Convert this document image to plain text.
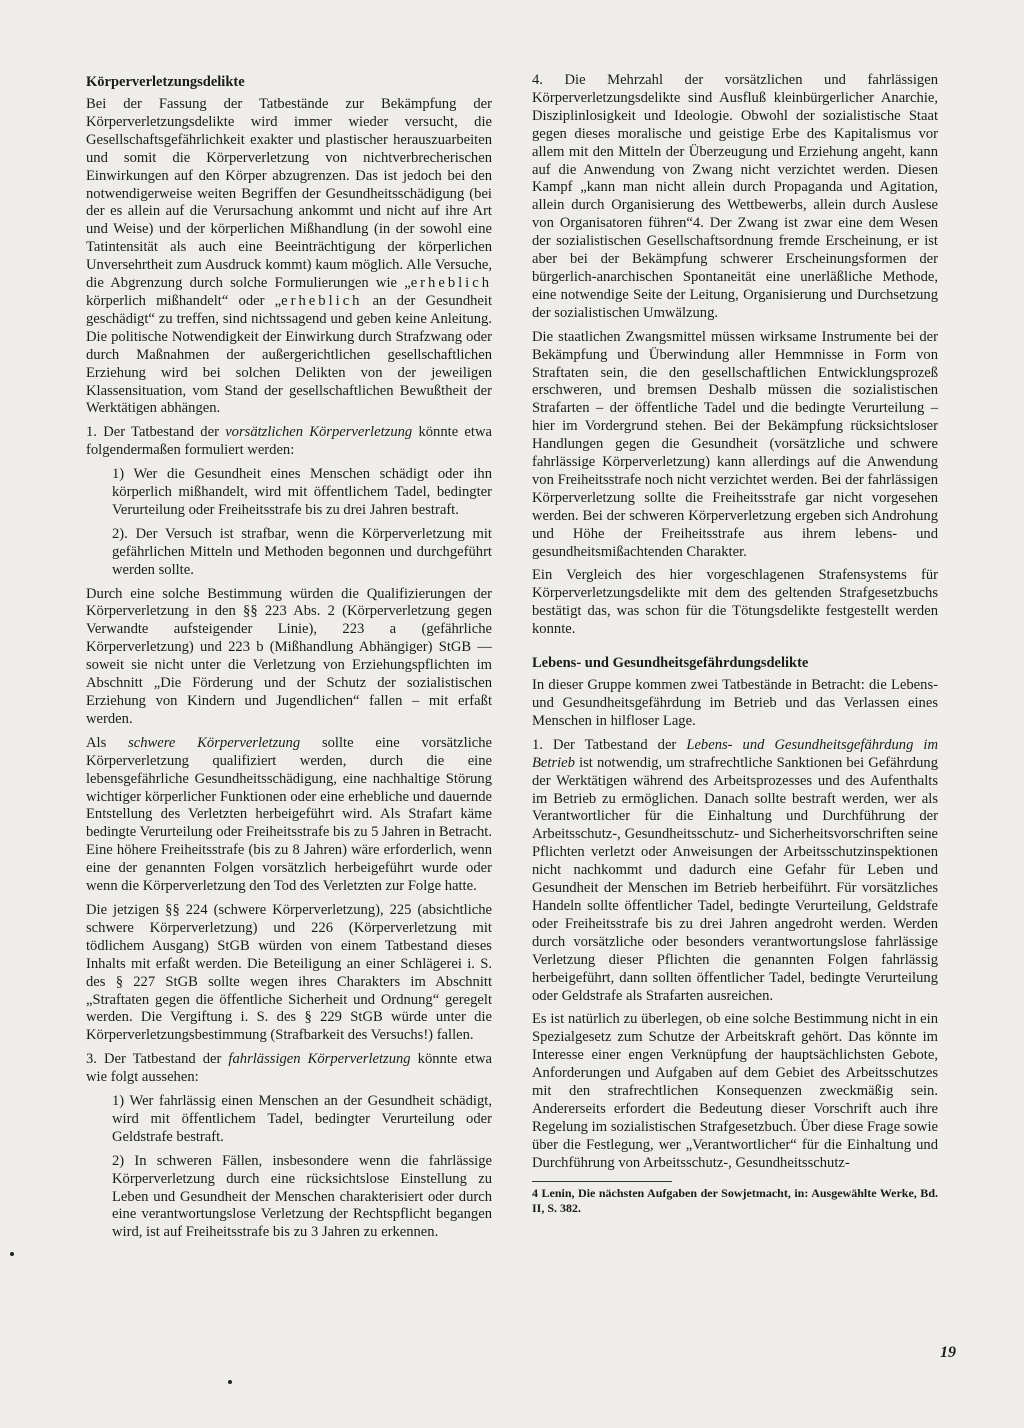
Körperverletzungsdelikte

Bei der Fassung der Tatbestände zur Bekämpfung der Körperverletzungsdelikte wird immer wieder versucht, die Gesellschaftsgefährlichkeit exakter und plastischer herauszuarbeiten und somit die Körperverletzung von nichtverbrecherischen Einwirkungen auf den Körper abzugrenzen. Das ist jedoch bei den notwendigerweise weiten Begriffen der Gesundheitsschädigung (bei der es allein auf die Verursachung ankommt und nicht auf ihre Art und Weise) und der körperlichen Mißhandlung (in der sowohl eine Tatintensität als auch eine Beeinträchtigung der körperlichen Unversehrtheit zum Ausdruck kommt) kaum möglich. Alle Versuche, die Abgrenzung durch solche Formulierungen wie „erheblich körperlich mißhandelt“ oder „erheblich an der Gesundheit geschädigt“ zu treffen, sind nichtssagend und geben keine Anleitung. Die politische Notwendigkeit der Einwirkung durch Strafzwang oder durch Maßnahmen der außergerichtlichen gesellschaftlichen Erziehung wird bei solchen Delikten von der jeweiligen Klassensituation, vom Stand der gesellschaftlichen Bewußtheit der Werktätigen abhängen.

1. Der Tatbestand der vorsätzlichen Körperverletzung könnte etwa folgendermaßen formuliert werden:

1) Wer die Gesundheit eines Menschen schädigt oder ihn körperlich mißhandelt, wird mit öffentlichem Tadel, bedingter Verurteilung oder Freiheitsstrafe bis zu drei Jahren bestraft.

2). Der Versuch ist strafbar, wenn die Körperverletzung mit gefährlichen Mitteln und Methoden begonnen und durchgeführt werden sollte.

Durch eine solche Bestimmung würden die Qualifizierungen der Körperverletzung in den §§ 223 Abs. 2 (Körperverletzung gegen Verwandte aufsteigender Linie), 223 a (gefährliche Körperverletzung) und 223 b (Mißhandlung Abhängiger) StGB — soweit sie nicht unter die Verletzung von Erziehungspflichten im Abschnitt „Die Förderung und der Schutz der sozialistischen Erziehung von Kindern und Jugendlichen“ fallen – mit erfaßt werden.

Als schwere Körperverletzung sollte eine vorsätzliche Körperverletzung qualifiziert werden, durch die eine lebensgefährliche Gesundheitsschädigung, eine nachhaltige Störung wichtiger körperlicher Funktionen oder eine erhebliche und dauernde Entstellung des Verletzten herbeigeführt wird. Als Strafart käme bedingte Verurteilung oder Freiheitsstrafe bis zu 5 Jahren in Betracht. Eine höhere Freiheitsstrafe (bis zu 8 Jahren) wäre erforderlich, wenn eine der genannten Folgen vorsätzlich herbeigeführt wurde oder wenn die Körperverletzung den Tod des Verletzten zur Folge hatte.

Die jetzigen §§ 224 (schwere Körperverletzung), 225 (absichtliche schwere Körperverletzung) und 226 (Körperverletzung mit tödlichem Ausgang) StGB würden von einem Tatbestand dieses Inhalts mit erfaßt werden. Die Beteiligung an einer Schlägerei i. S. des § 227 StGB sollte wegen ihres Charakters im Abschnitt „Straftaten gegen die öffentliche Sicherheit und Ordnung“ geregelt werden. Die Vergiftung i. S. des § 229 StGB würde unter die Körperverletzungsbestimmung (Strafbarkeit des Versuchs!) fallen.

3. Der Tatbestand der fahrlässigen Körperverletzung könnte etwa wie folgt aussehen:

1) Wer fahrlässig einen Menschen an der Gesundheit schädigt, wird mit öffentlichem Tadel, bedingter Verurteilung oder Geldstrafe bestraft.

2) In schweren Fällen, insbesondere wenn die fahrlässige Körperverletzung durch eine rücksichtslose Einstellung zu Leben und Gesundheit der Menschen charakterisiert oder durch eine verantwortungslose Verletzung der Rechtspflicht begangen wird, ist auf Freiheitsstrafe bis zu 3 Jahren zu erkennen.

4. Die Mehrzahl der vorsätzlichen und fahrlässigen Körperverletzungsdelikte sind Ausfluß kleinbürgerlicher Anarchie, Disziplinlosigkeit und Ideologie. Obwohl der sozialistische Staat gegen dieses moralische und geistige Erbe des Kapitalismus vor allem mit den Mitteln der Überzeugung und Erziehung angeht, kann auf die Anwendung von Zwang nicht verzichtet werden. Diesen Kampf „kann man nicht allein durch Propaganda und Agitation, allein durch Organisierung des Wettbewerbs, allein durch Auslese von Organisatoren führen“4. Der Zwang ist zwar eine dem Wesen der sozialistischen Gesellschaftsordnung fremde Erscheinung, er ist aber bei der Bekämpfung schwerer Erscheinungsformen der bürgerlich-anarchischen Spontaneität eine unerläßliche Methode, eine notwendige Seite der Leitung, Organisierung und Durchsetzung der sozialistischen Umwälzung.

Die staatlichen Zwangsmittel müssen wirksame Instrumente bei der Bekämpfung und Überwindung aller Hemmnisse in Form von Straftaten sein, die den gesellschaftlichen Entwicklungsprozeß erschweren, und bremsen Deshalb müssen die sozialistischen Strafarten – der öffentliche Tadel und die bedingte Verurteilung – hier im Vordergrund stehen. Bei der Bekämpfung rücksichtsloser Handlungen gegen die Gesundheit (vorsätzliche und schwere fahrlässige Körperverletzung) kann allerdings auf die Anwendung von Freiheitsstrafe noch nicht verzichtet werden. Bei der fahrlässigen Körperverletzung sollte die Freiheitsstrafe gar nicht vorgesehen werden. Bei der schweren Körperverletzung ergeben sich Androhung und Höhe der Freiheitsstrafe aus ihrem lebens- und gesundheitsmißachtenden Charakter.

Ein Vergleich des hier vorgeschlagenen Strafensystems für Körperverletzungsdelikte mit dem des geltenden Strafgesetzbuchs bestätigt das, was schon für die Tötungsdelikte festgestellt werden konnte.

Lebens- und Gesundheitsgefährdungsdelikte

In dieser Gruppe kommen zwei Tatbestände in Betracht: die Lebens- und Gesundheitsgefährdung im Betrieb und das Verlassen eines Menschen in hilfloser Lage.

1. Der Tatbestand der Lebens- und Gesundheitsgefährdung im Betrieb ist notwendig, um strafrechtliche Sanktionen bei Gefährdung der Werktätigen während des Arbeitsprozesses und des Aufenthalts im Betrieb zu ermöglichen. Danach sollte bestraft werden, wer als Verantwortlicher für die Einhaltung und Durchführung der Arbeitsschutz-, Gesundheitsschutz- und Sicherheitsvorschriften seine Pflichten verletzt oder Anweisungen der Arbeitsschutzinspektionen nicht nachkommt und dadurch eine Gefahr für Leben und Gesundheit der Menschen im Betrieb herbeiführt. Für vorsätzliches Handeln sollte öffentlicher Tadel, bedingte Verurteilung, Geldstrafe oder Freiheitsstrafe bis zu drei Jahren angedroht werden. Werden durch vorsätzliche oder besonders verantwortungslose fahrlässige Verletzung dieser Pflichten die genannten Folgen fahrlässig herbeigeführt, dann sollten öffentlicher Tadel, bedingte Verurteilung oder Geldstrafe als Strafarten ausreichen.

Es ist natürlich zu überlegen, ob eine solche Bestimmung nicht in ein Spezialgesetz zum Schutze der Arbeitskraft gehört. Das könnte im Interesse einer engen Verknüpfung der hauptsächlichsten Gebote, Anforderungen und Aufgaben auf dem Gebiet des Arbeitsschutzes mit den strafrechtlichen Konsequenzen zweckmäßig sein. Andererseits erfordert die Bedeutung dieser Vorschrift auch ihre Regelung im sozialistischen Strafgesetzbuch. Über diese Frage sowie über die Festlegung, wer „Verantwortlicher“ für die Einhaltung und Durchführung von Arbeitsschutz-, Gesundheitsschutz-

4 Lenin, Die nächsten Aufgaben der Sowjetmacht, in: Ausgewählte Werke, Bd. II, S. 382.

19
